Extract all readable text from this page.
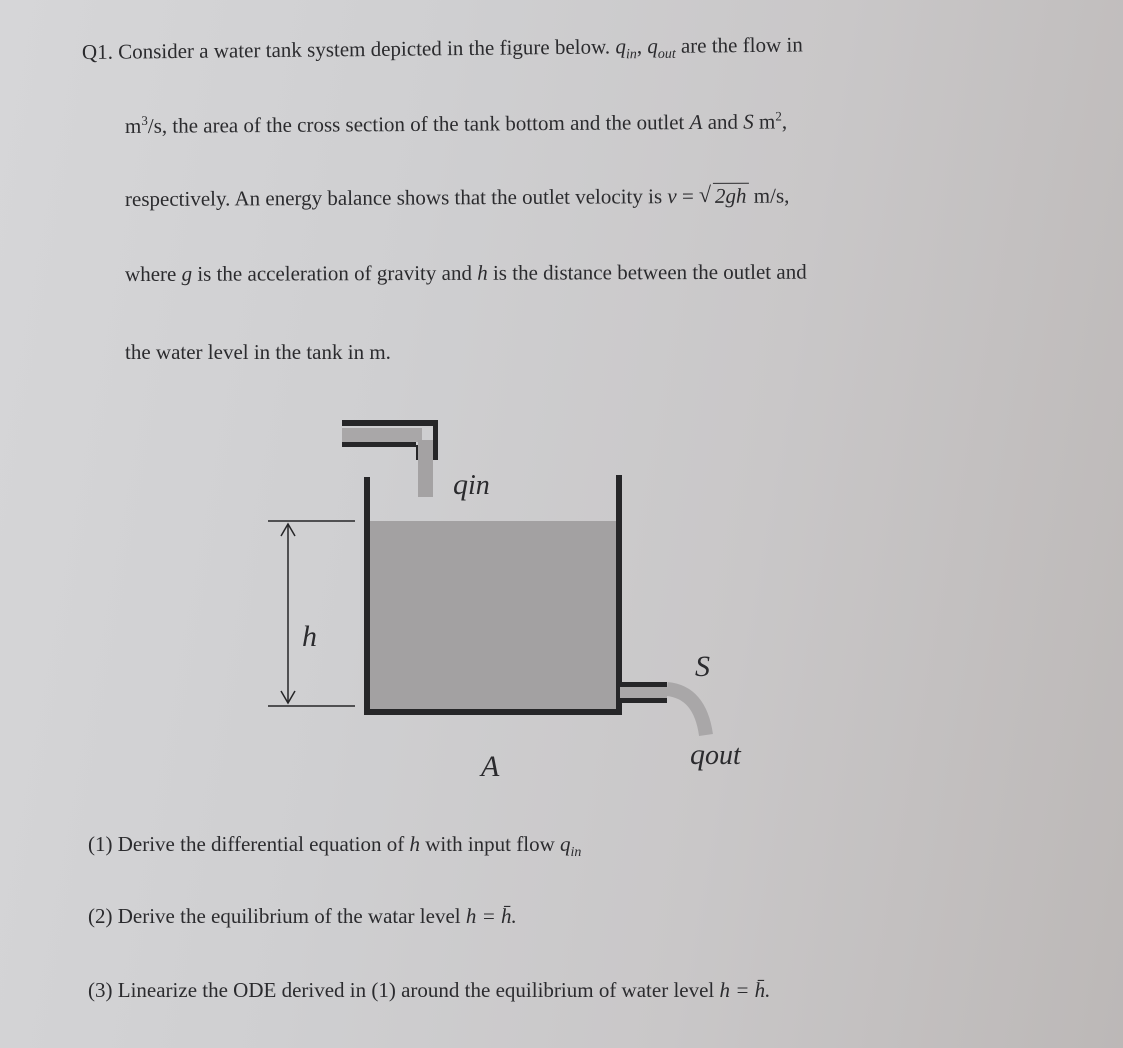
Q1. Consider a water tank system depicted in the figure below. $q_{in}$, $q_{out}$ are the flow in
$m^3/s$, the area of the cross section of the tank bottom and the outlet A and S $m^2$,
respectively. An energy balance shows that the outlet velocity is v = √ 2gh m/s,
where g is the acceleration of gravity and h is the distance between the outlet and
the water level in the tank in m.
qin
h
S
A	qout
(1) Derive the differential equation of h with input flow $q_{in}$
(2) Derive the equilibrium of the watar level h = h̄.
(3) Linearize the ODE derived in (1) around the equilibrium of water level h = h̄.
